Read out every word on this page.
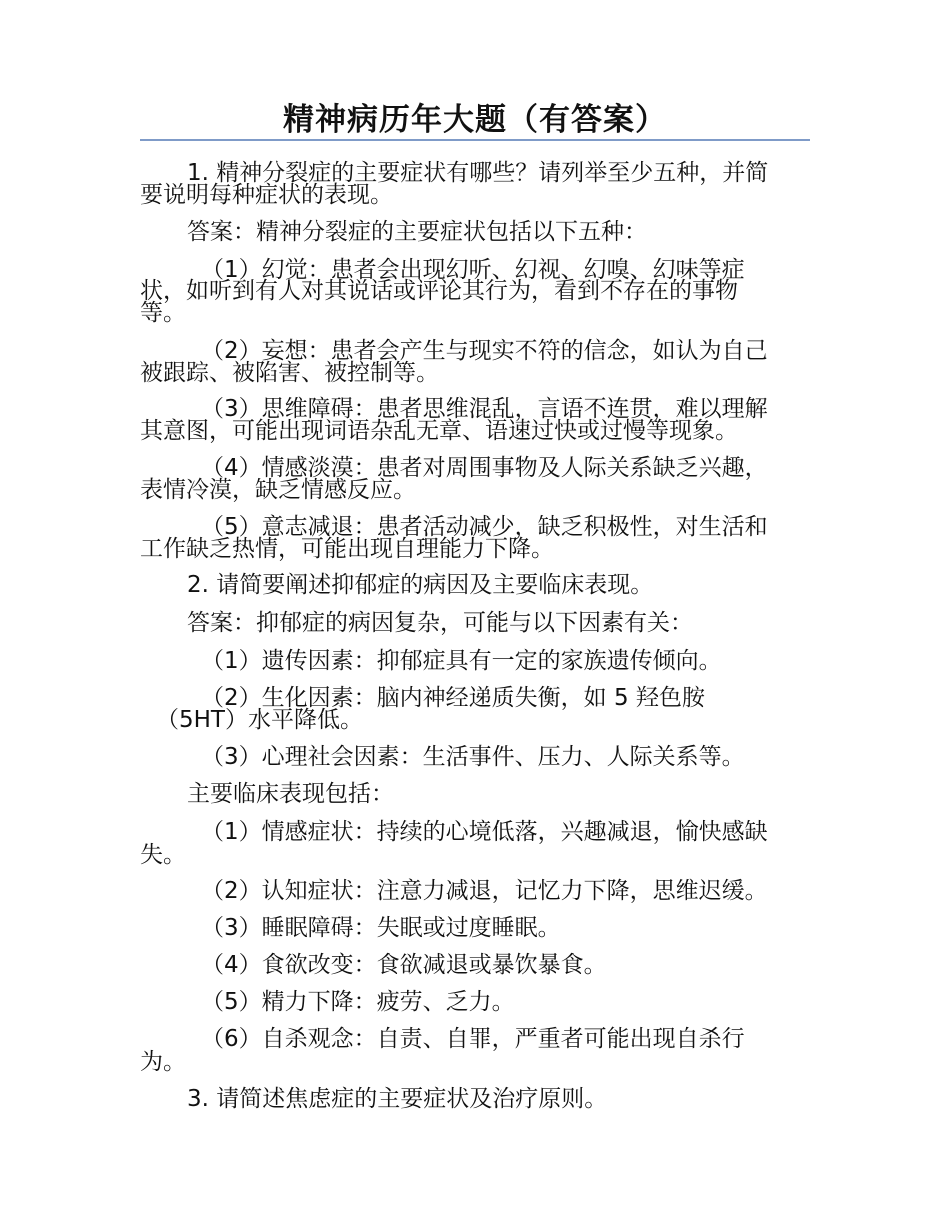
精神病历年大题（有答案）
1. 精神分裂症的主要症状有哪些？请列举至少五种，并简
要说明每种症状的表现。
答案：精神分裂症的主要症状包括以下五种：
（1）幻觉：患者会出现幻听、幻视、幻嗅、幻味等症
状，如听到有人对其说话或评论其行为，看到不存在的事物
等。
（2）妄想：患者会产生与现实不符的信念，如认为自己
被跟踪、被陷害、被控制等。
（3）思维障碍：患者思维混乱，言语不连贯，难以理解
其意图，可能出现词语杂乱无章、语速过快或过慢等现象。
（4）情感淡漠：患者对周围事物及人际关系缺乏兴趣，
表情冷漠，缺乏情感反应。
（5）意志减退：患者活动减少，缺乏积极性，对生活和
工作缺乏热情，可能出现自理能力下降。
2. 请简要阐述抑郁症的病因及主要临床表现。
答案：抑郁症的病因复杂，可能与以下因素有关：
（1）遗传因素：抑郁症具有一定的家族遗传倾向。
（2）生化因素：脑内神经递质失衡，如 5 羟色胺
（5HT）水平降低。
（3）心理社会因素：生活事件、压力、人际关系等。
主要临床表现包括：
（1）情感症状：持续的心境低落，兴趣减退，愉快感缺
失。
（2）认知症状：注意力减退，记忆力下降，思维迟缓。
（3）睡眠障碍：失眠或过度睡眠。
（4）食欲改变：食欲减退或暴饮暴食。
（5）精力下降：疲劳、乏力。
（6）自杀观念：自责、自罪，严重者可能出现自杀行
为。
3. 请简述焦虑症的主要症状及治疗原则。
